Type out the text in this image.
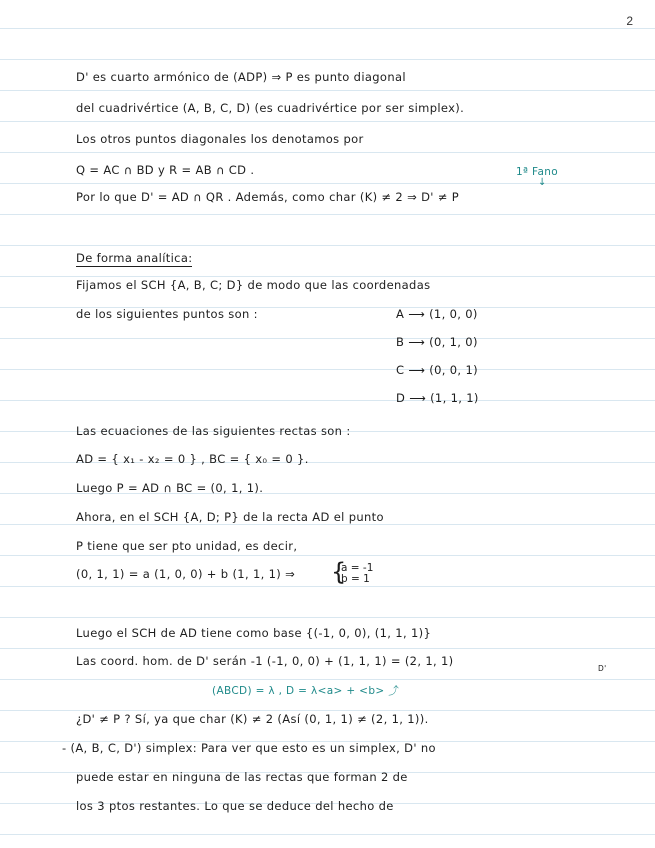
2
D' es cuarto armónico de (ADP) ⇒ P es punto diagonal
del cuadrivértice (A, B, C, D) (es cuadrivértice por ser simplex).
Los otros puntos diagonales los denotamos por
Q = AC ∩ BD y R = AB ∩ CD .	1ª Fano
↓
Por lo que D' = AD ∩ QR . Además, como char (K) ≠ 2 ⇒ D' ≠ P
De forma analítica:
Fijamos el SCH {A, B, C; D} de modo que las coordenadas
de los siguientes puntos son :	A ⟶ (1, 0, 0)
B ⟶ (0, 1, 0)
C ⟶ (0, 0, 1)
D ⟶ (1, 1, 1)
Las ecuaciones de las siguientes rectas son :
AD = { x₁ - x₂ = 0 } , BC = { x₀ = 0 }.
Luego P = AD ∩ BC = (0, 1, 1).
Ahora, en el SCH {A, D; P} de la recta AD el punto
P tiene que ser pto unidad, es decir,
(0, 1, 1) = a (1, 0, 0) + b (1, 1, 1) ⇒ {
a = -1
b = 1
Luego el SCH de AD tiene como base {(-1, 0, 0), (1, 1, 1)}
Las coord. hom. de D' serán -1 (-1, 0, 0) + (1, 1, 1) = (2, 1, 1)
D'
(ABCD) = λ , D = λ<a> + <b> ⤴
¿D' ≠ P ? Sí, ya que char (K) ≠ 2 (Así (0, 1, 1) ≠ (2, 1, 1)).
- (A, B, C, D') simplex: Para ver que esto es un simplex, D' no
puede estar en ninguna de las rectas que forman 2 de
los 3 ptos restantes. Lo que se deduce del hecho de
